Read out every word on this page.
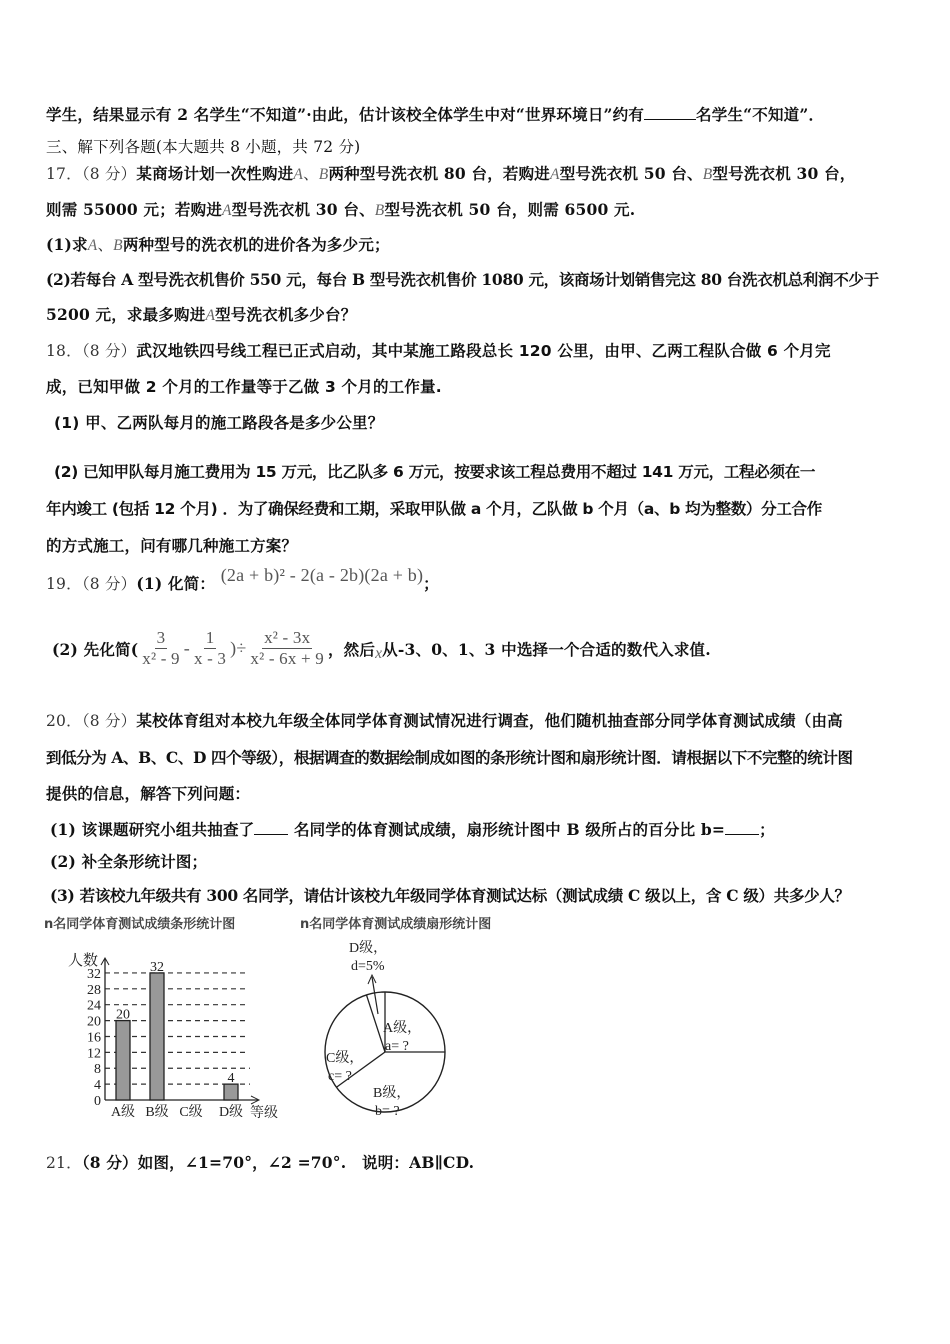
学生，结果显示有 2 名学生“不知道”·由此，估计该校全体学生中对“世界环境日”约有	名学生“不知道”．
三、解下列各题(本大题共 8 小题，共 72 分)
17．（8 分）某商场计划一次性购进A、B两种型号洗衣机 80 台，若购进A型号洗衣机 50 台、B型号洗衣机 30 台，
则需 55000 元；若购进A型号洗衣机 30 台、B型号洗衣机 50 台，则需 6500 元.
(1)求A、B两种型号的洗衣机的进价各为多少元；
(2)若每台 A 型号洗衣机售价 550 元，每台 B 型号洗衣机售价 1080 元，该商场计划销售完这 80 台洗衣机总利润不少于
5200 元，求最多购进A型号洗衣机多少台？
18．（8 分）武汉地铁四号线工程已正式启动，其中某施工路段总长 120 公里，由甲、乙两工程队合做 6 个月完
成，已知甲做 2 个月的工作量等于乙做 3 个月的工作量.
(1) 甲、乙两队每月的施工路段各是多少公里？
(2) 已知甲队每月施工费用为 15 万元，比乙队多 6 万元，按要求该工程总费用不超过 141 万元，工程必须在一
年内竣工 (包括 12 个月) ．为了确保经费和工期，采取甲队做 a 个月，乙队做 b 个月（a、b 均为整数）分工合作
的方式施工，问有哪几种施工方案？
19．（8 分）(1) 化简： (2a + b)² - 2(a - 2b)(2a + b)；
(2) 先化简( $\frac{3}{\text{x² - 9}} - \frac{1}{x - 3}$ )÷ $\frac{\text{x² - 3x}}{\text{x² - 6x + 9}}$ ，然后 x 从-3、0、1、3 中选择一个合适的数代入求值.
20．（8 分）某校体育组对本校九年级全体同学体育测试情况进行调查，他们随机抽查部分同学体育测试成绩（由高
到低分为 A、B、C、D 四个等级），根据调查的数据绘制成如图的条形统计图和扇形统计图．请根据以下不完整的统计图
提供的信息，解答下列问题：
(1) 该课题研究小组共抽查了	名同学的体育测试成绩，扇形统计图中 B 级所占的百分比 b= ；
(2) 补全条形统计图；
(3) 若该校九年级共有 300 名同学，请估计该校九年级同学体育测试达标（测试成绩 C 级以上，含 C 级）共多少人？
n名同学体育测试成绩条形统计图	n名同学体育测试成绩扇形统计图
0
4
8
12
16
20
24
28
32
人数
等级
A级
20
B级
32
C级 D级
4
A级，
a= ?
B级，
b= ?
C级，
c= ?
D级，
d=5%
21．（8 分）如图，∠1=70°，∠2 =70°.　说明：AB∥CD.
